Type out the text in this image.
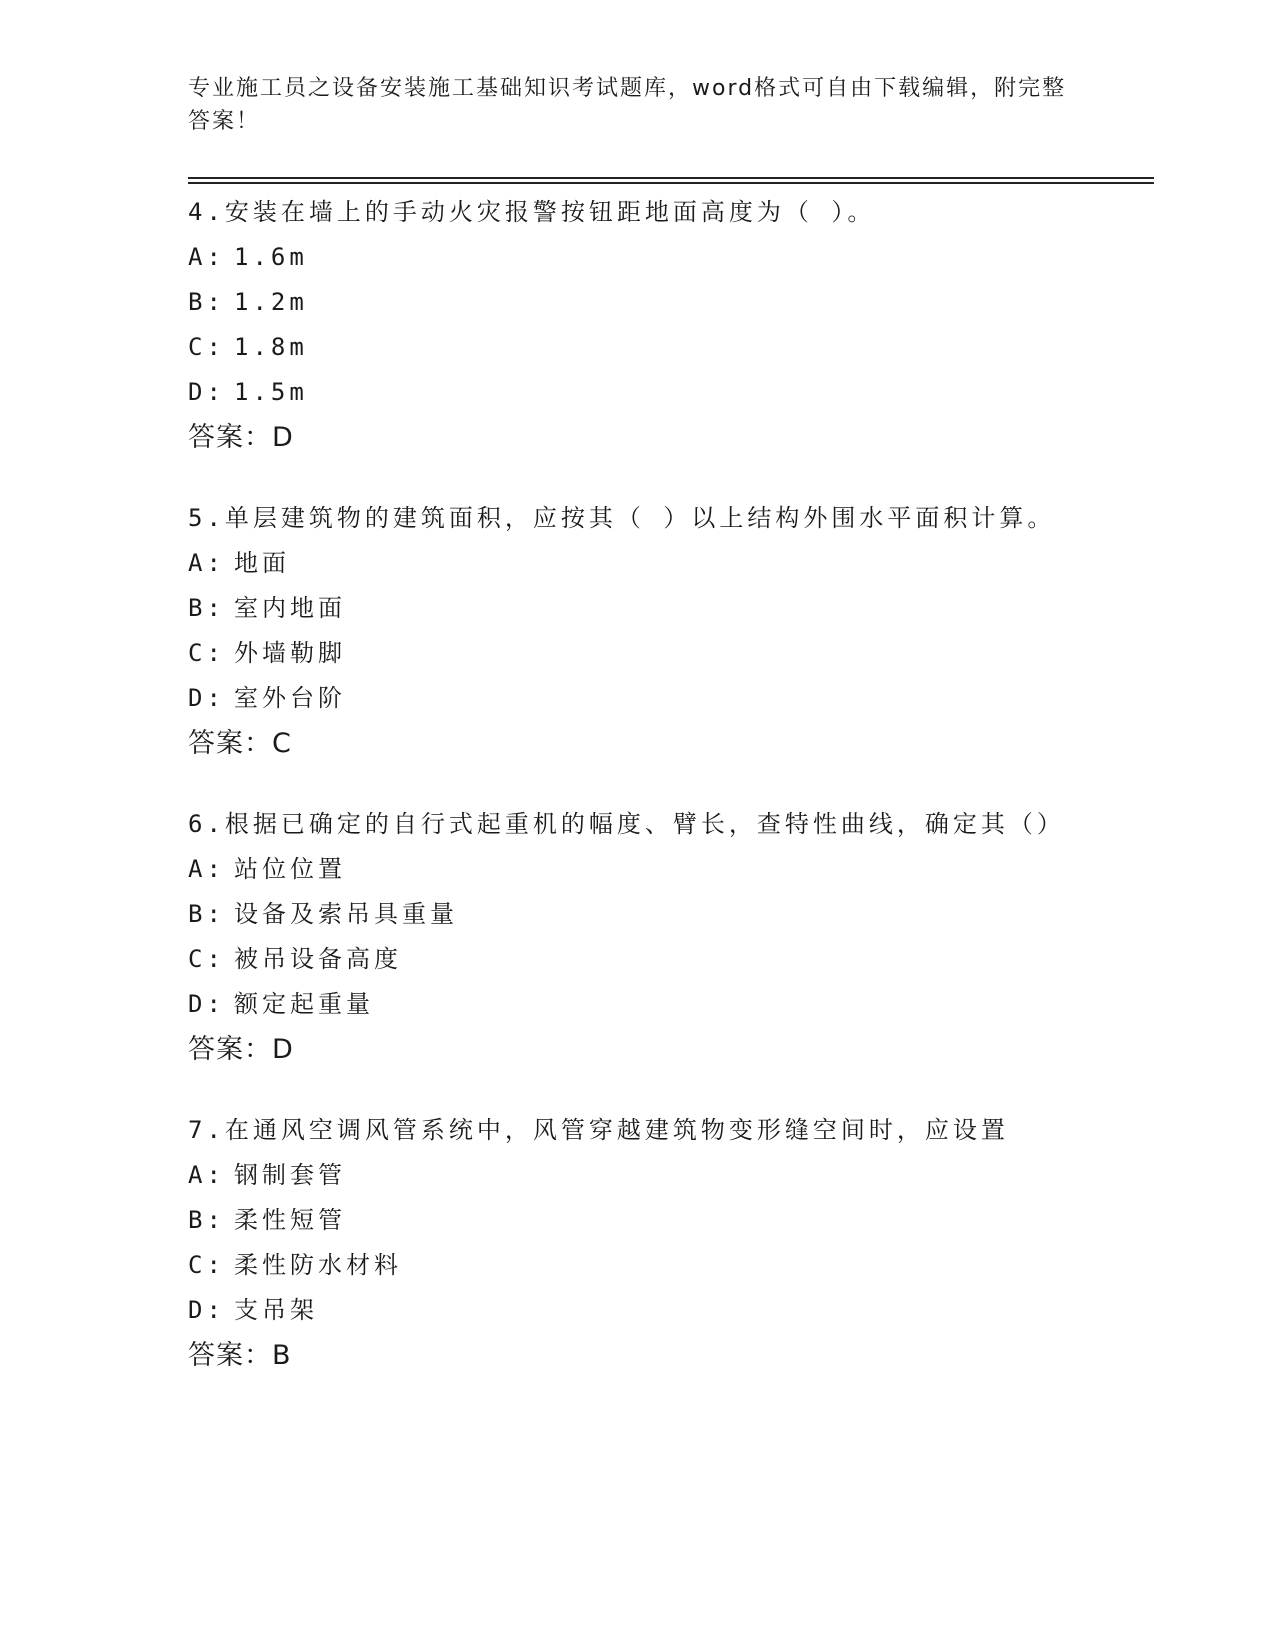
专业施工员之设备安装施工基础知识考试题库，word格式可自由下载编辑，附完整答案！
4.安装在墙上的手动火灾报警按钮距地面高度为（ ）。
A: 1.6m
B: 1.2m
C: 1.8m
D: 1.5m
答案：D
5.单层建筑物的建筑面积，应按其（ ）以上结构外围水平面积计算。
A: 地面
B: 室内地面
C: 外墙勒脚
D: 室外台阶
答案：C
6.根据已确定的自行式起重机的幅度、臂长，查特性曲线，确定其（）
A: 站位位置
B: 设备及索吊具重量
C: 被吊设备高度
D: 额定起重量
答案：D
7.在通风空调风管系统中，风管穿越建筑物变形缝空间时，应设置
A: 钢制套管
B: 柔性短管
C: 柔性防水材料
D: 支吊架
答案：B
